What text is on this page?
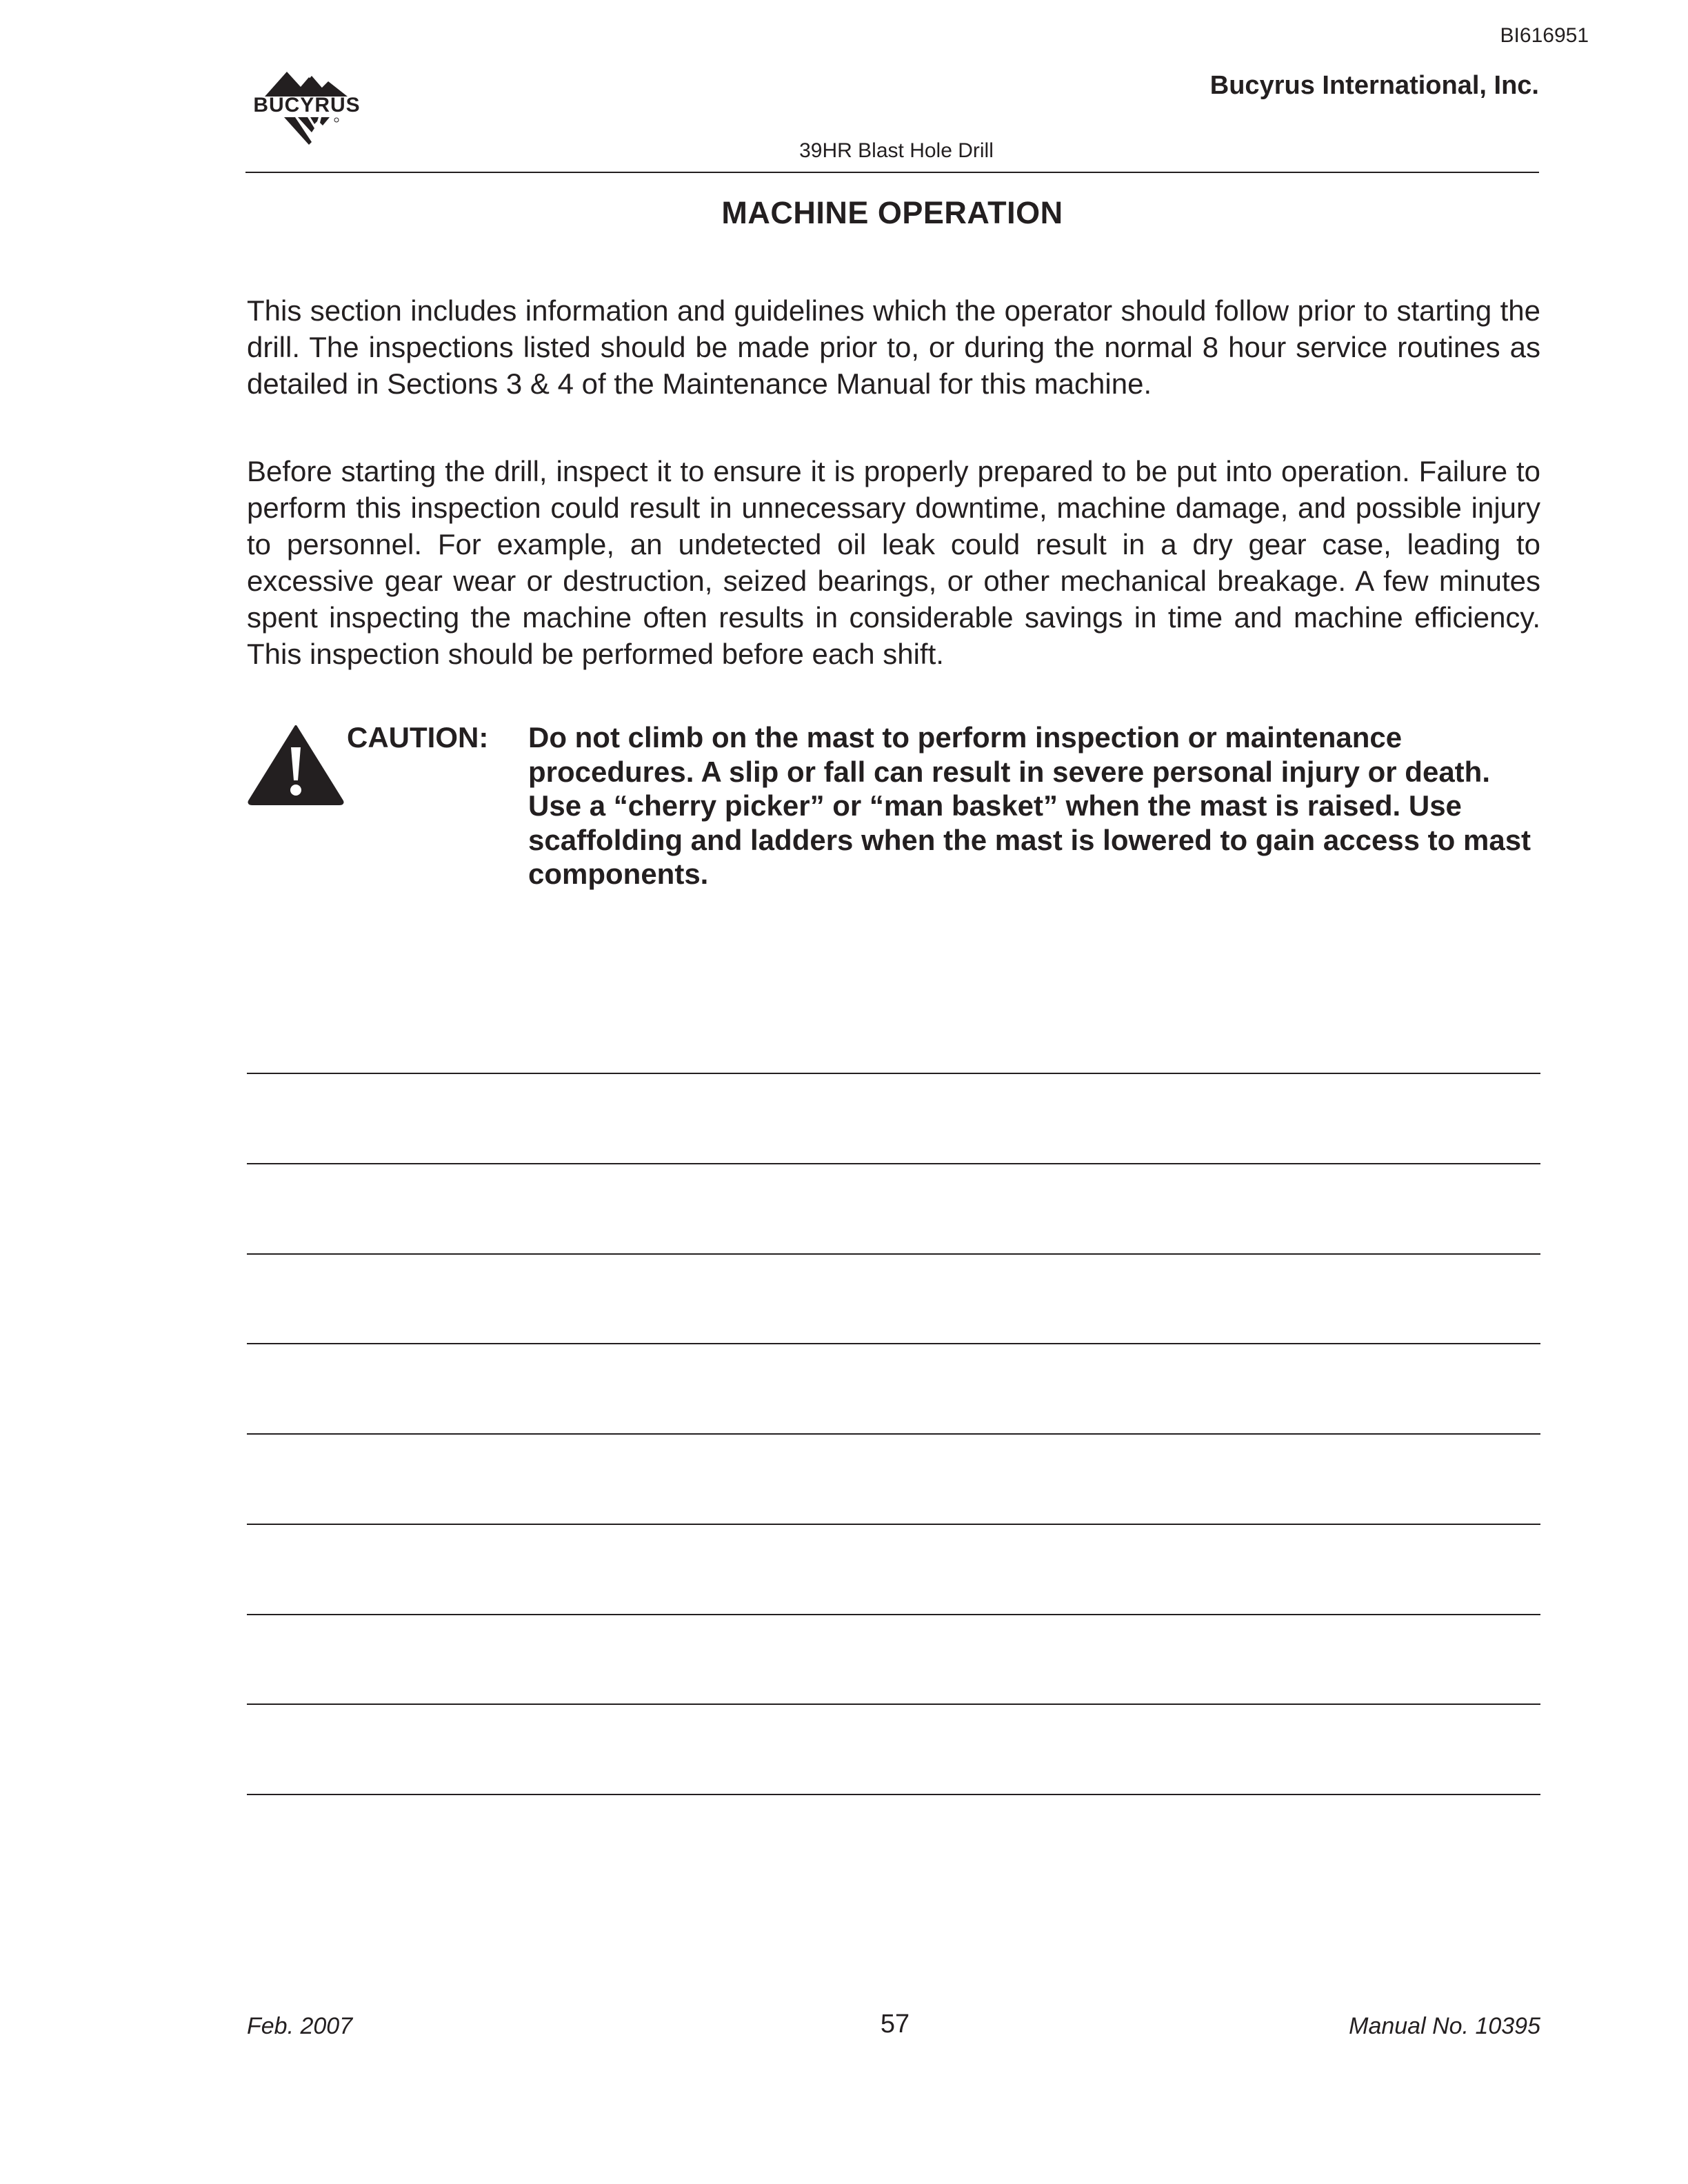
BI616951
BUCYRUS
Bucyrus International, Inc.
39HR Blast Hole Drill
MACHINE OPERATION

This section includes information and guidelines which the operator should follow prior to starting the drill. The inspections listed should be made prior to, or during the normal 8 hour service routines as detailed in Sections 3 & 4 of the Maintenance Manual for this machine.

Before starting the drill, inspect it to ensure it is properly prepared to be put into operation. Failure to perform this inspection could result in unnecessary downtime, machine damage, and possible injury to personnel. For example, an undetected oil leak could result in a dry gear case, leading to excessive gear wear or destruction, seized bearings, or other mechanical breakage. A few minutes spent inspecting the machine often results in considerable savings in time and machine efficiency. This inspection should be performed before each shift.

CAUTION: Do not climb on the mast to perform inspection or maintenance procedures. A slip or fall can result in severe personal injury or death. Use a “cherry picker” or “man basket” when the mast is raised. Use scaffolding and ladders when the mast is lowered to gain access to mast components.

Feb. 2007	57	Manual No. 10395
